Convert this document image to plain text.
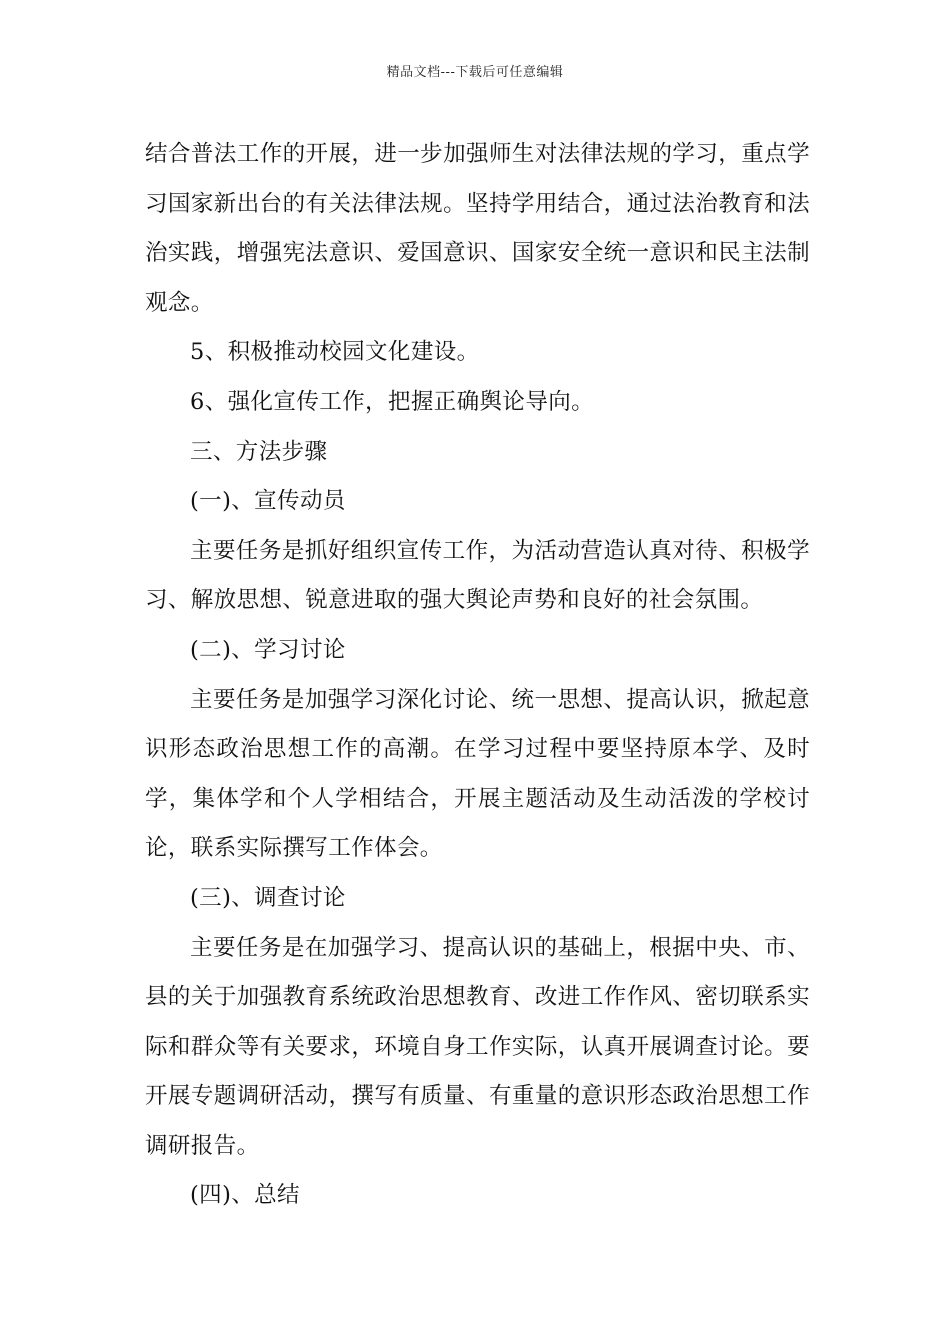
精品文档---下载后可任意编辑

结合普法工作的开展，进一步加强师生对法律法规的学习，重点学习国家新出台的有关法律法规。坚持学用结合，通过法治教育和法治实践，增强宪法意识、爱国意识、国家安全统一意识和民主法制观念。

5、积极推动校园文化建设。

6、强化宣传工作，把握正确舆论导向。

三、方法步骤

(一)、宣传动员

主要任务是抓好组织宣传工作，为活动营造认真对待、积极学习、解放思想、锐意进取的强大舆论声势和良好的社会氛围。

(二)、学习讨论

主要任务是加强学习深化讨论、统一思想、提高认识，掀起意识形态政治思想工作的高潮。在学习过程中要坚持原本学、及时学，集体学和个人学相结合，开展主题活动及生动活泼的学校讨论，联系实际撰写工作体会。

(三)、调查讨论

主要任务是在加强学习、提高认识的基础上，根据中央、市、县的关于加强教育系统政治思想教育、改进工作作风、密切联系实际和群众等有关要求，环境自身工作实际，认真开展调查讨论。要开展专题调研活动，撰写有质量、有重量的意识形态政治思想工作调研报告。

(四)、总结
